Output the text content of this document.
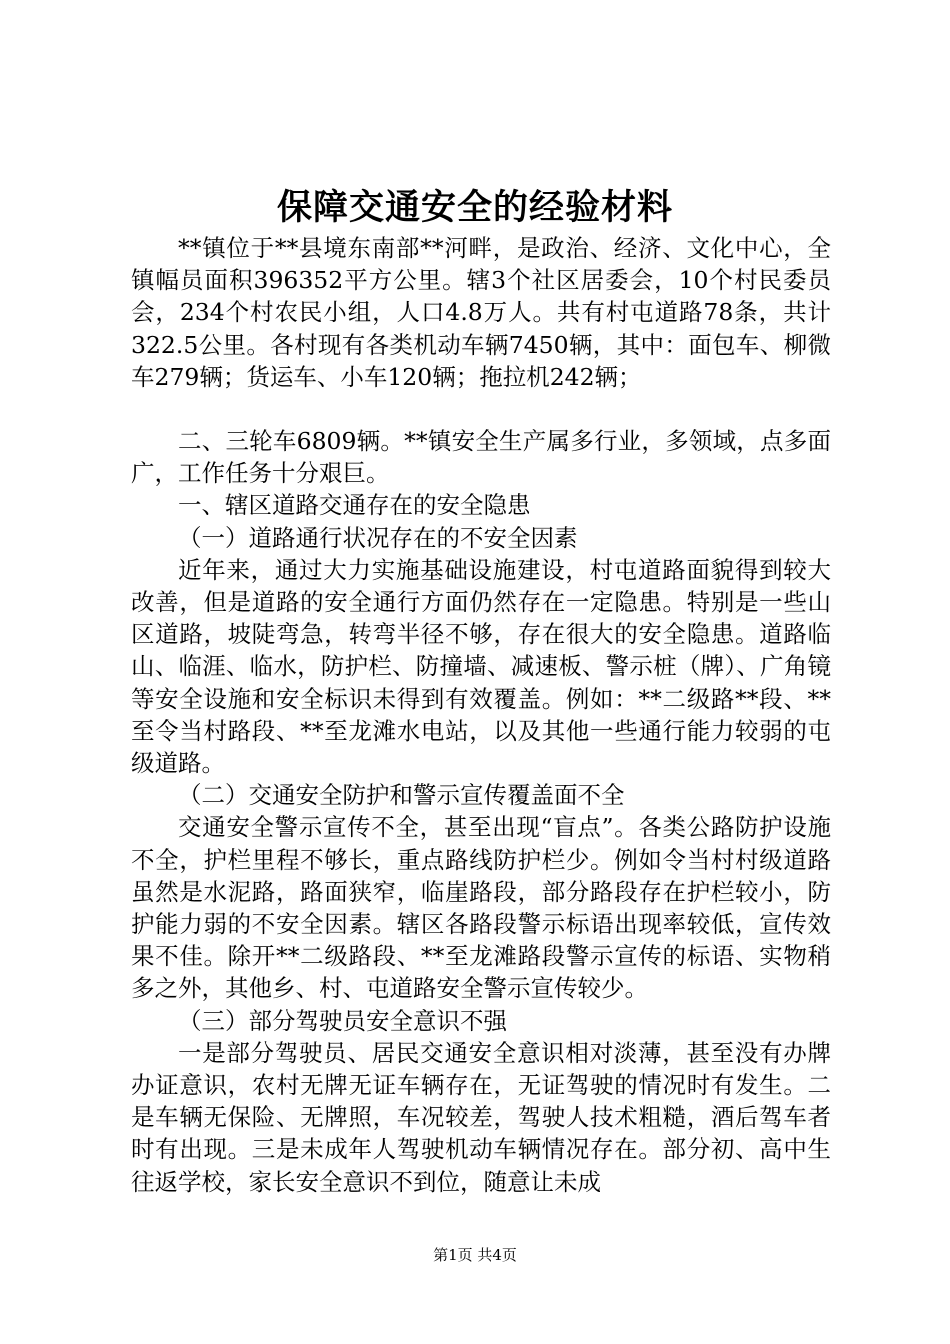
保障交通安全的经验材料

**镇位于**县境东南部**河畔，是政治、经济、文化中心，全镇幅员面积396352平方公里。辖3个社区居委会，10个村民委员会，234个村农民小组，人口4.8万人。共有村屯道路78条，共计322.5公里。各村现有各类机动车辆7450辆，其中：面包车、柳微车279辆；货运车、小车120辆；拖拉机242辆；

二、三轮车6809辆。**镇安全生产属多行业，多领域，点多面广，工作任务十分艰巨。

一、辖区道路交通存在的安全隐患

（一）道路通行状况存在的不安全因素

近年来，通过大力实施基础设施建设，村屯道路面貌得到较大改善，但是道路的安全通行方面仍然存在一定隐患。特别是一些山区道路，坡陡弯急，转弯半径不够，存在很大的安全隐患。道路临山、临涯、临水，防护栏、防撞墙、减速板、警示桩（牌）、广角镜等安全设施和安全标识未得到有效覆盖。例如：**二级路**段、**至令当村路段、**至龙滩水电站，以及其他一些通行能力较弱的屯级道路。

（二）交通安全防护和警示宣传覆盖面不全

交通安全警示宣传不全，甚至出现“盲点”。各类公路防护设施不全，护栏里程不够长，重点路线防护栏少。例如令当村村级道路虽然是水泥路，路面狭窄，临崖路段，部分路段存在护栏较小，防护能力弱的不安全因素。辖区各路段警示标语出现率较低，宣传效果不佳。除开**二级路段、**至龙滩路段警示宣传的标语、实物稍多之外，其他乡、村、屯道路安全警示宣传较少。

（三）部分驾驶员安全意识不强

一是部分驾驶员、居民交通安全意识相对淡薄，甚至没有办牌办证意识，农村无牌无证车辆存在，无证驾驶的情况时有发生。二是车辆无保险、无牌照，车况较差，驾驶人技术粗糙，酒后驾车者时有出现。三是未成年人驾驶机动车辆情况存在。部分初、高中生往返学校，家长安全意识不到位，随意让未成

第1页 共4页
